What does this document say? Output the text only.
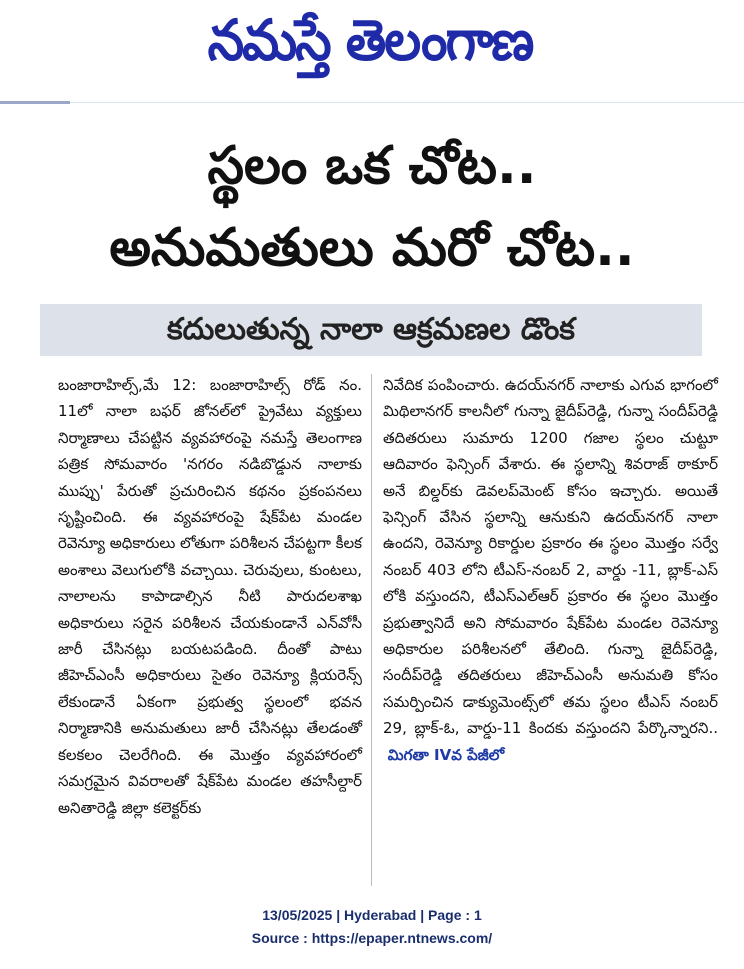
నమస్తే తెలంగాణ
స్థలం ఒక చోట..
అనుమతులు మరో చోట..
కదులుతున్న నాలా ఆక్రమణల డొంక

బంజారాహిల్స్,మే 12: బంజారాహిల్స్ రోడ్ నం. 11లో నాలా బఫర్ జోనల్‌లో ప్రైవేటు వ్యక్తులు నిర్మాణాలు చేపట్టిన వ్యవహారంపై నమస్తే తెలంగాణ పత్రిక సోమవారం 'నగరం నడిబొడ్డున నాలాకు ముప్పు' పేరుతో ప్రచురించిన కథనం ప్రకంపనలు సృష్టించింది. ఈ వ్యవహారంపై షేక్‌పేట మండల రెవెన్యూ అధికారులు లోతుగా పరిశీలన చేపట్టగా కీలక అంశాలు వెలుగులోకి వచ్చాయి. చెరువులు, కుంటలు, నాలాలను కాపాడాల్సిన నీటి పారుదలశాఖ అధికారులు సరైన పరిశీలన చేయకుండానే ఎన్‌వోసీ జారీ చేసినట్లు బయటపడింది. దీంతో పాటు జీహెచ్ఎంసీ అధికారులు సైతం రెవెన్యూ క్లియరెన్స్ లేకుండానే ఏకంగా ప్రభుత్వ స్థలంలో భవన నిర్మాణానికి అనుమతులు జారీ చేసినట్లు తేలడంతో కలకలం చెలరేగింది. ఈ మొత్తం వ్యవహారంలో సమగ్రమైన వివరాలతో షేక్‌పేట మండల తహసీల్దార్ అనితారెడ్డి జిల్లా కలెక్టర్‌కు

నివేదిక పంపించారు. ఉదయ్‌నగర్ నాలాకు ఎగువ భాగంలో మిథిలానగర్ కాలనీలో గున్నా జైదీప్‌రెడ్డి, గున్నా సందీప్‌రెడ్డి తదితరులు సుమారు 1200 గజాల స్థలం చుట్టూ ఆదివారం ఫెన్సింగ్ వేశారు. ఈ స్థలాన్ని శివరాజ్ ఠాకూర్ అనే బిల్డర్‌కు డెవలప్‌మెంట్ కోసం ఇచ్చారు. అయితే ఫెన్సింగ్ వేసిన స్థలాన్ని ఆనుకుని ఉదయ్‌నగర్ నాలా ఉందని, రెవెన్యూ రికార్డుల ప్రకారం ఈ స్థలం మొత్తం సర్వే నంబర్ 403 లోని టీఎస్-నంబర్ 2, వార్డు -11, బ్లాక్-ఎస్ లోకి వస్తుందని, టీఎస్ఎల్ఆర్ ప్రకారం ఈ స్థలం మొత్తం ప్రభుత్వానిదే అని సోమవారం షేక్‌పేట మండల రెవెన్యూ అధికారుల పరిశీలనలో తేలింది. గున్నా జైదీప్‌రెడ్డి, సందీప్‌రెడ్డి తదితరులు జీహెచ్ఎంసీ అనుమతి కోసం సమర్పించిన డాక్యుమెంట్స్‌లో తమ స్థలం టీఎస్ నంబర్ 29, బ్లాక్-ఓ, వార్డు-11 కిందకు వస్తుందని పేర్కొన్నారని..  మిగతా IVవ పేజీలో

13/05/2025 | Hyderabad | Page : 1
Source : https://epaper.ntnews.com/
